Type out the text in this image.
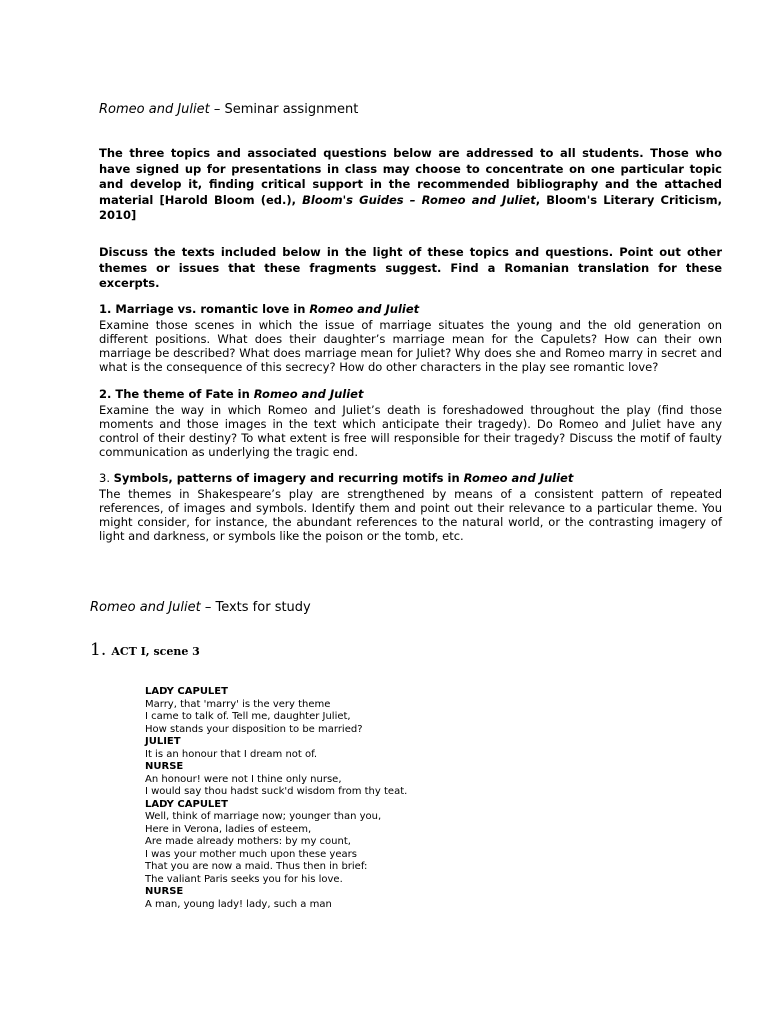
Romeo and Juliet – Seminar assignment

The three topics and associated questions below are addressed to all students. Those who have signed up for presentations in class may choose to concentrate on one particular topic and develop it, finding critical support in the recommended bibliography and the attached material [Harold Bloom (ed.), Bloom's Guides – Romeo and Juliet, Bloom's Literary Criticism, 2010]

Discuss the texts included below in the light of these topics and questions. Point out other themes or issues that these fragments suggest. Find a Romanian translation for these excerpts.

1. Marriage vs. romantic love in Romeo and Juliet

Examine those scenes in which the issue of marriage situates the young and the old generation on different positions. What does their daughter’s marriage mean for the Capulets? How can their own marriage be described? What does marriage mean for Juliet? Why does she and Romeo marry in secret and what is the consequence of this secrecy? How do other characters in the play see romantic love?

2. The theme of Fate in Romeo and Juliet

Examine the way in which Romeo and Juliet’s death is foreshadowed throughout the play (find those moments and those images in the text which anticipate their tragedy). Do Romeo and Juliet have any control of their destiny? To what extent is free will responsible for their tragedy? Discuss the motif of faulty communication as underlying the tragic end.

3. Symbols, patterns of imagery and recurring motifs in Romeo and Juliet

The themes in Shakespeare’s play are strengthened by means of a consistent pattern of repeated references, of images and symbols. Identify them and point out their relevance to a particular theme. You might consider, for instance, the abundant references to the natural world, or the contrasting imagery of light and darkness, or symbols like the poison or the tomb, etc.

Romeo and Juliet – Texts for study
1. ACT I, scene 3
LADY CAPULET
Marry, that 'marry' is the very theme
I came to talk of. Tell me, daughter Juliet,
How stands your disposition to be married?
JULIET
It is an honour that I dream not of.
NURSE
An honour! were not I thine only nurse,
I would say thou hadst suck'd wisdom from thy teat.
LADY CAPULET
Well, think of marriage now; younger than you,
Here in Verona, ladies of esteem,
Are made already mothers: by my count,
I was your mother much upon these years
That you are now a maid. Thus then in brief:
The valiant Paris seeks you for his love.
NURSE
A man, young lady! lady, such a man
